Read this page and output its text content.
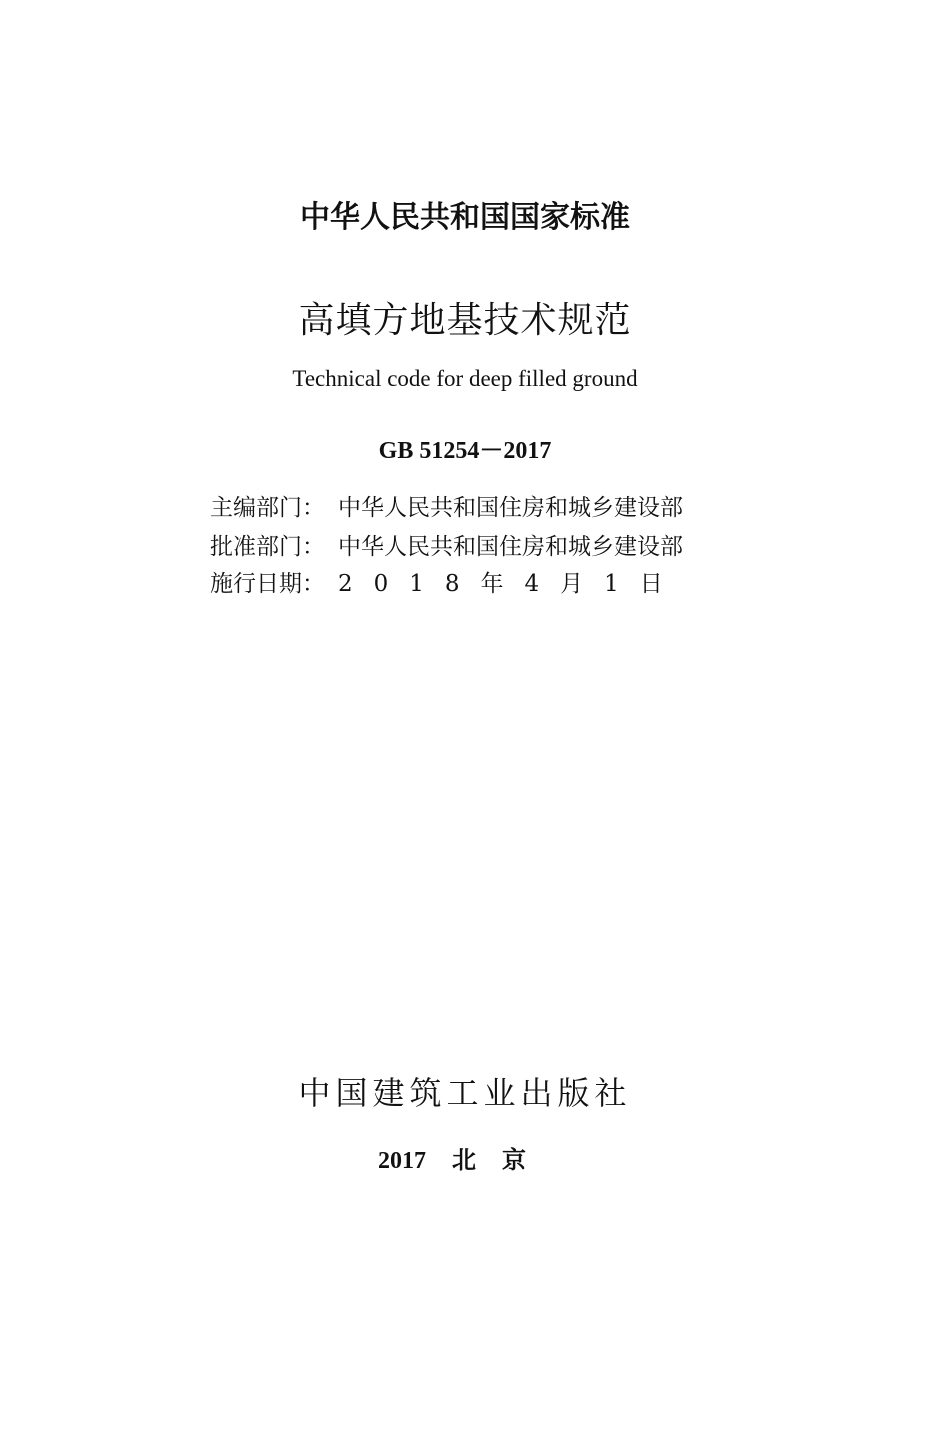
中华人民共和国国家标准
高填方地基技术规范
Technical code for deep filled ground
GB 51254－2017
主编部门： 中华人民共和国住房和城乡建设部
批准部门： 中华人民共和国住房和城乡建设部
施行日期： 2018年4月1日
中国建筑工业出版社
2017 北京
